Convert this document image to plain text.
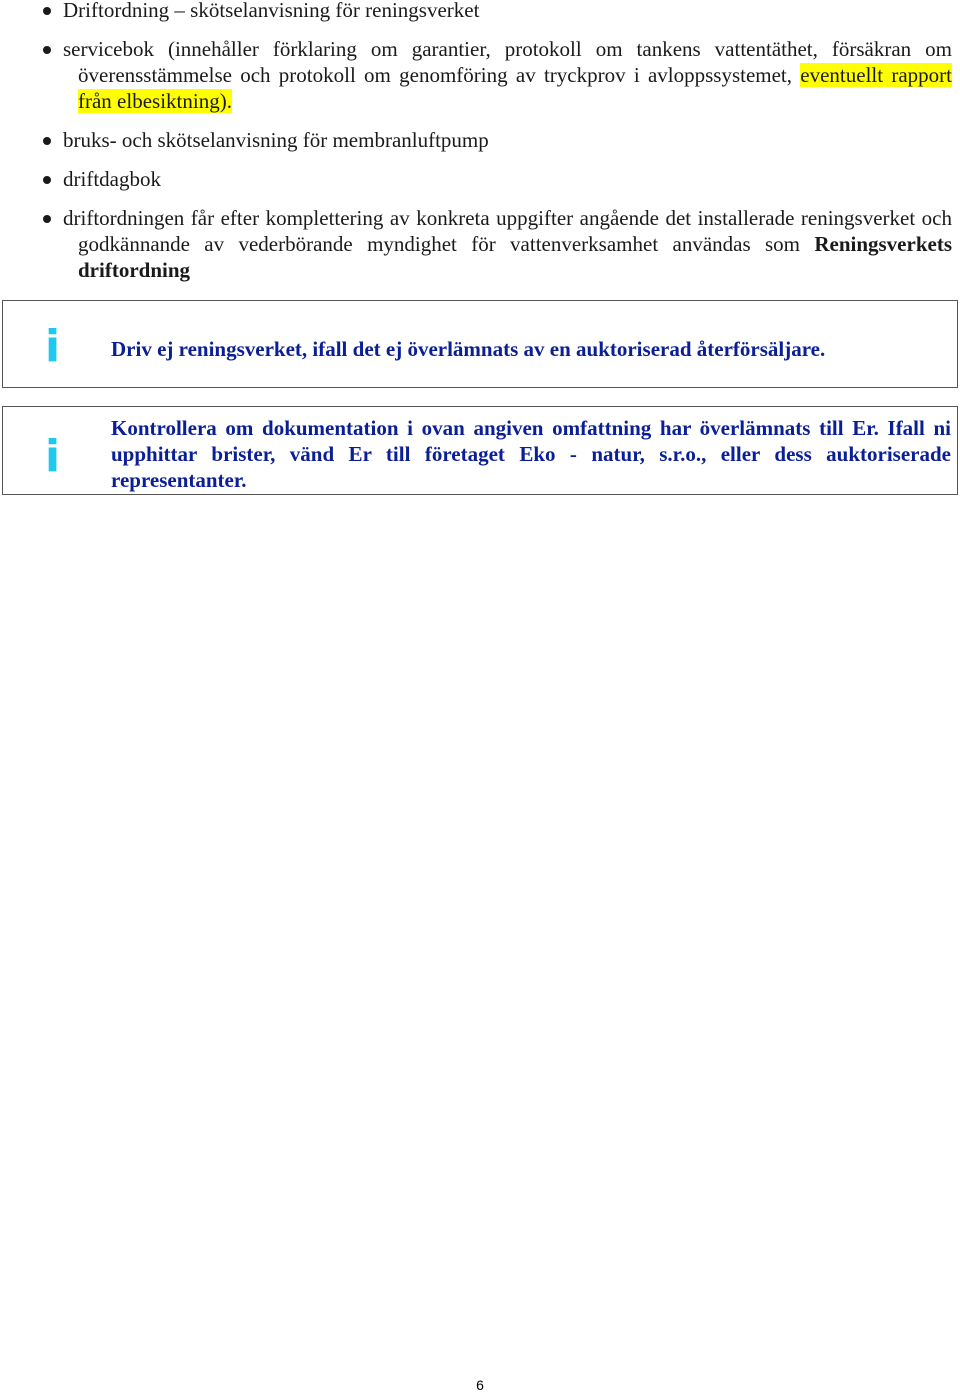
Driftordning – skötselanvisning för reningsverket
servicebok (innehåller förklaring om garantier, protokoll om tankens vattentäthet, försäkran om överensstämmelse och protokoll om genomföring av tryckprov i avloppssystemet, eventuellt rapport från elbesiktning).
bruks- och skötselanvisning för membranluftpump
driftdagbok
driftordningen får efter komplettering av konkreta uppgifter angående det installerade reningsverket och godkännande av vederbörande myndighet för vattenverksamhet användas som Reningsverkets driftordning
i Driv ej reningsverket, ifall det ej överlämnats av en auktoriserad återförsäljare.
i
Kontrollera om dokumentation i ovan angiven omfattning har överlämnats till Er. Ifall ni upphittar brister, vänd Er till företaget Eko - natur, s.r.o., eller dess auktoriserade representanter.
6
